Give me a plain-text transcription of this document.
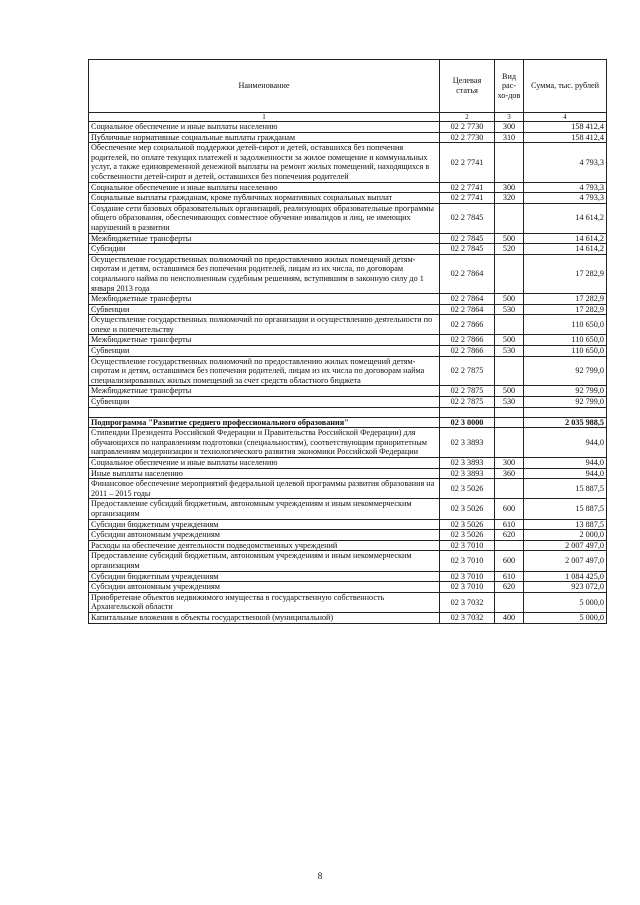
Наименование	Целевая статья	Вид рас-хо-дов	Сумма, тыс. рублей
1	2	3	4
Социальное обеспечение и иные выплаты населению	02 2 7730	300	158 412,4
Публичные нормативные социальные выплаты гражданам	02 2 7730	310	158 412,4
Обеспечение мер социальной поддержки детей-сирот и детей, оставшихся без попечения родителей, по оплате текущих платежей и задолженности за жилое помещение и коммунальных услуг, а также единовременной денежной выплаты на ремонт жилых помещений, находящихся в собственности детей-сирот и детей, оставшихся без попечения родителей	02 2 7741		4 793,3
Социальное обеспечение и иные выплаты населению	02 2 7741	300	4 793,3
Социальные выплаты гражданам, кроме публичных нормативных социальных выплат	02 2 7741	320	4 793,3
Создание сети базовых образовательных организаций, реализующих образовательные программы общего образования, обеспечивающих совместное обучение инвалидов и лиц, не имеющих нарушений в развитии	02 2 7845		14 614,2
Межбюджетные трансферты	02 2 7845	500	14 614,2
Субсидии	02 2 7845	520	14 614,2
Осуществление государственных полномочий по предоставлению жилых помещений детям-сиротам и детям, оставшимся без попечения родителей, лицам из их числа, по договорам социального найма по неисполненным судебным решениям, вступившим в законную силу до 1 января 2013 года	02 2 7864		17 282,9
Межбюджетные трансферты	02 2 7864	500	17 282,9
Субвенции	02 2 7864	530	17 282,9
Осуществление государственных полномочий по организации и осуществлению деятельности по опеке и попечительству	02 2 7866		110 650,0
Межбюджетные трансферты	02 2 7866	500	110 650,0
Субвенции	02 2 7866	530	110 650,0
Осуществление государственных полномочий по предоставлению жилых помещений детям-сиротам и детям, оставшимся без попечения родителей, лицам из их числа по договорам найма специализированных жилых помещений за счет средств областного бюджета	02 2 7875		92 799,0
Межбюджетные трансферты	02 2 7875	500	92 799,0
Субвенции	02 2 7875	530	92 799,0

Подпрограмма "Развитие среднего профессионального образования"	02 3 0000		2 035 988,5
Стипендии Президента Российской Федерации и Правительства Российской Федерации) для обучающихся по направлениям подготовки (специальностям), соответствующим приоритетным направлениям модернизации и технологического развития экономики Российской Федерации	02 3 3893		944,0
Социальное обеспечение и иные выплаты населению	02 3 3893	300	944,0
Иные выплаты населению	02 3 3893	360	944,0
Финансовое обеспечение мероприятий федеральной целевой программы развития образования на 2011 – 2015 годы	02 3 5026		15 887,5
Предоставление субсидий бюджетным, автономным учреждениям и иным некоммерческим организациям	02 3 5026	600	15 887,5
Субсидии бюджетным учреждениям	02 3 5026	610	13 887,5
Субсидии автономным учреждениям	02 3 5026	620	2 000,0
Расходы на обеспечение деятельности подведомственных учреждений	02 3 7010		2 007 497,0
Предоставление субсидий бюджетным, автономным учреждениям и иным некоммерческим организациям	02 3 7010	600	2 007 497,0
Субсидии бюджетным учреждениям	02 3 7010	610	1 084 425,0
Субсидии автономным учреждениям	02 3 7010	620	923 072,0
Приобретение объектов недвижимого имущества в государственную собственность Архангельской области	02 3 7032		5 000,0
Капитальные вложения в объекты государственной (муниципальной)	02 3 7032	400	5 000,0
8
